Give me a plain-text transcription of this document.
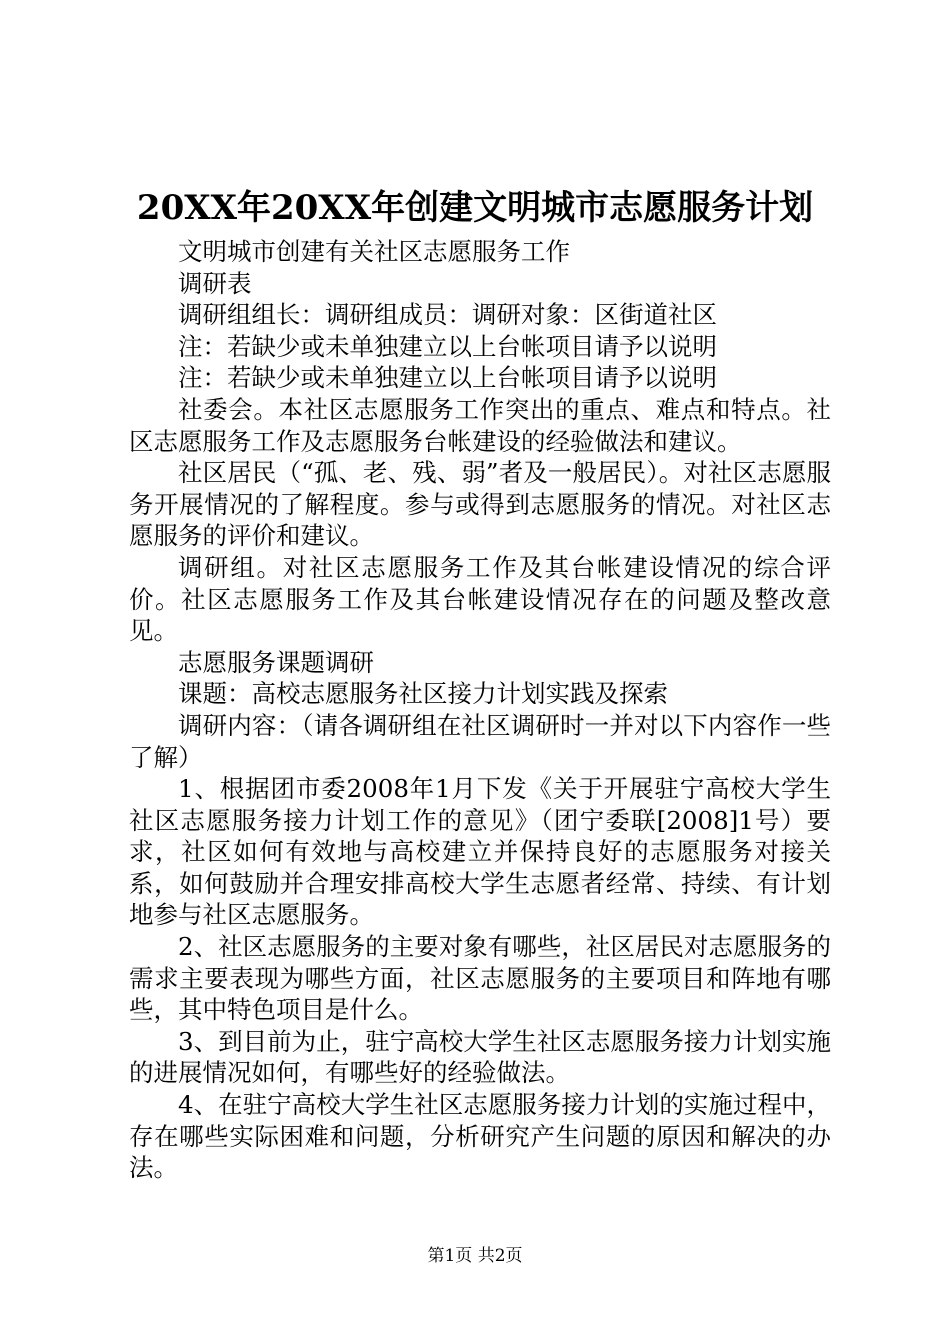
20XX年20XX年创建文明城市志愿服务计划

文明城市创建有关社区志愿服务工作

调研表

调研组组长：调研组成员：调研对象：区街道社区

注：若缺少或未单独建立以上台帐项目请予以说明

注：若缺少或未单独建立以上台帐项目请予以说明

社委会。本社区志愿服务工作突出的重点、难点和特点。社区志愿服务工作及志愿服务台帐建设的经验做法和建议。

社区居民（“孤、老、残、弱”者及一般居民）。对社区志愿服务开展情况的了解程度。参与或得到志愿服务的情况。对社区志愿服务的评价和建议。

调研组。对社区志愿服务工作及其台帐建设情况的综合评价。社区志愿服务工作及其台帐建设情况存在的问题及整改意见。

志愿服务课题调研

课题：高校志愿服务社区接力计划实践及探索

调研内容：（请各调研组在社区调研时一并对以下内容作一些了解）

1、根据团市委2008年1月下发《关于开展驻宁高校大学生社区志愿服务接力计划工作的意见》（团宁委联[2008]1号）要求，社区如何有效地与高校建立并保持良好的志愿服务对接关系，如何鼓励并合理安排高校大学生志愿者经常、持续、有计划地参与社区志愿服务。

2、社区志愿服务的主要对象有哪些，社区居民对志愿服务的需求主要表现为哪些方面，社区志愿服务的主要项目和阵地有哪些，其中特色项目是什么。

3、到目前为止，驻宁高校大学生社区志愿服务接力计划实施的进展情况如何，有哪些好的经验做法。

4、在驻宁高校大学生社区志愿服务接力计划的实施过程中，存在哪些实际困难和问题，分析研究产生问题的原因和解决的办法。

第1页 共2页
